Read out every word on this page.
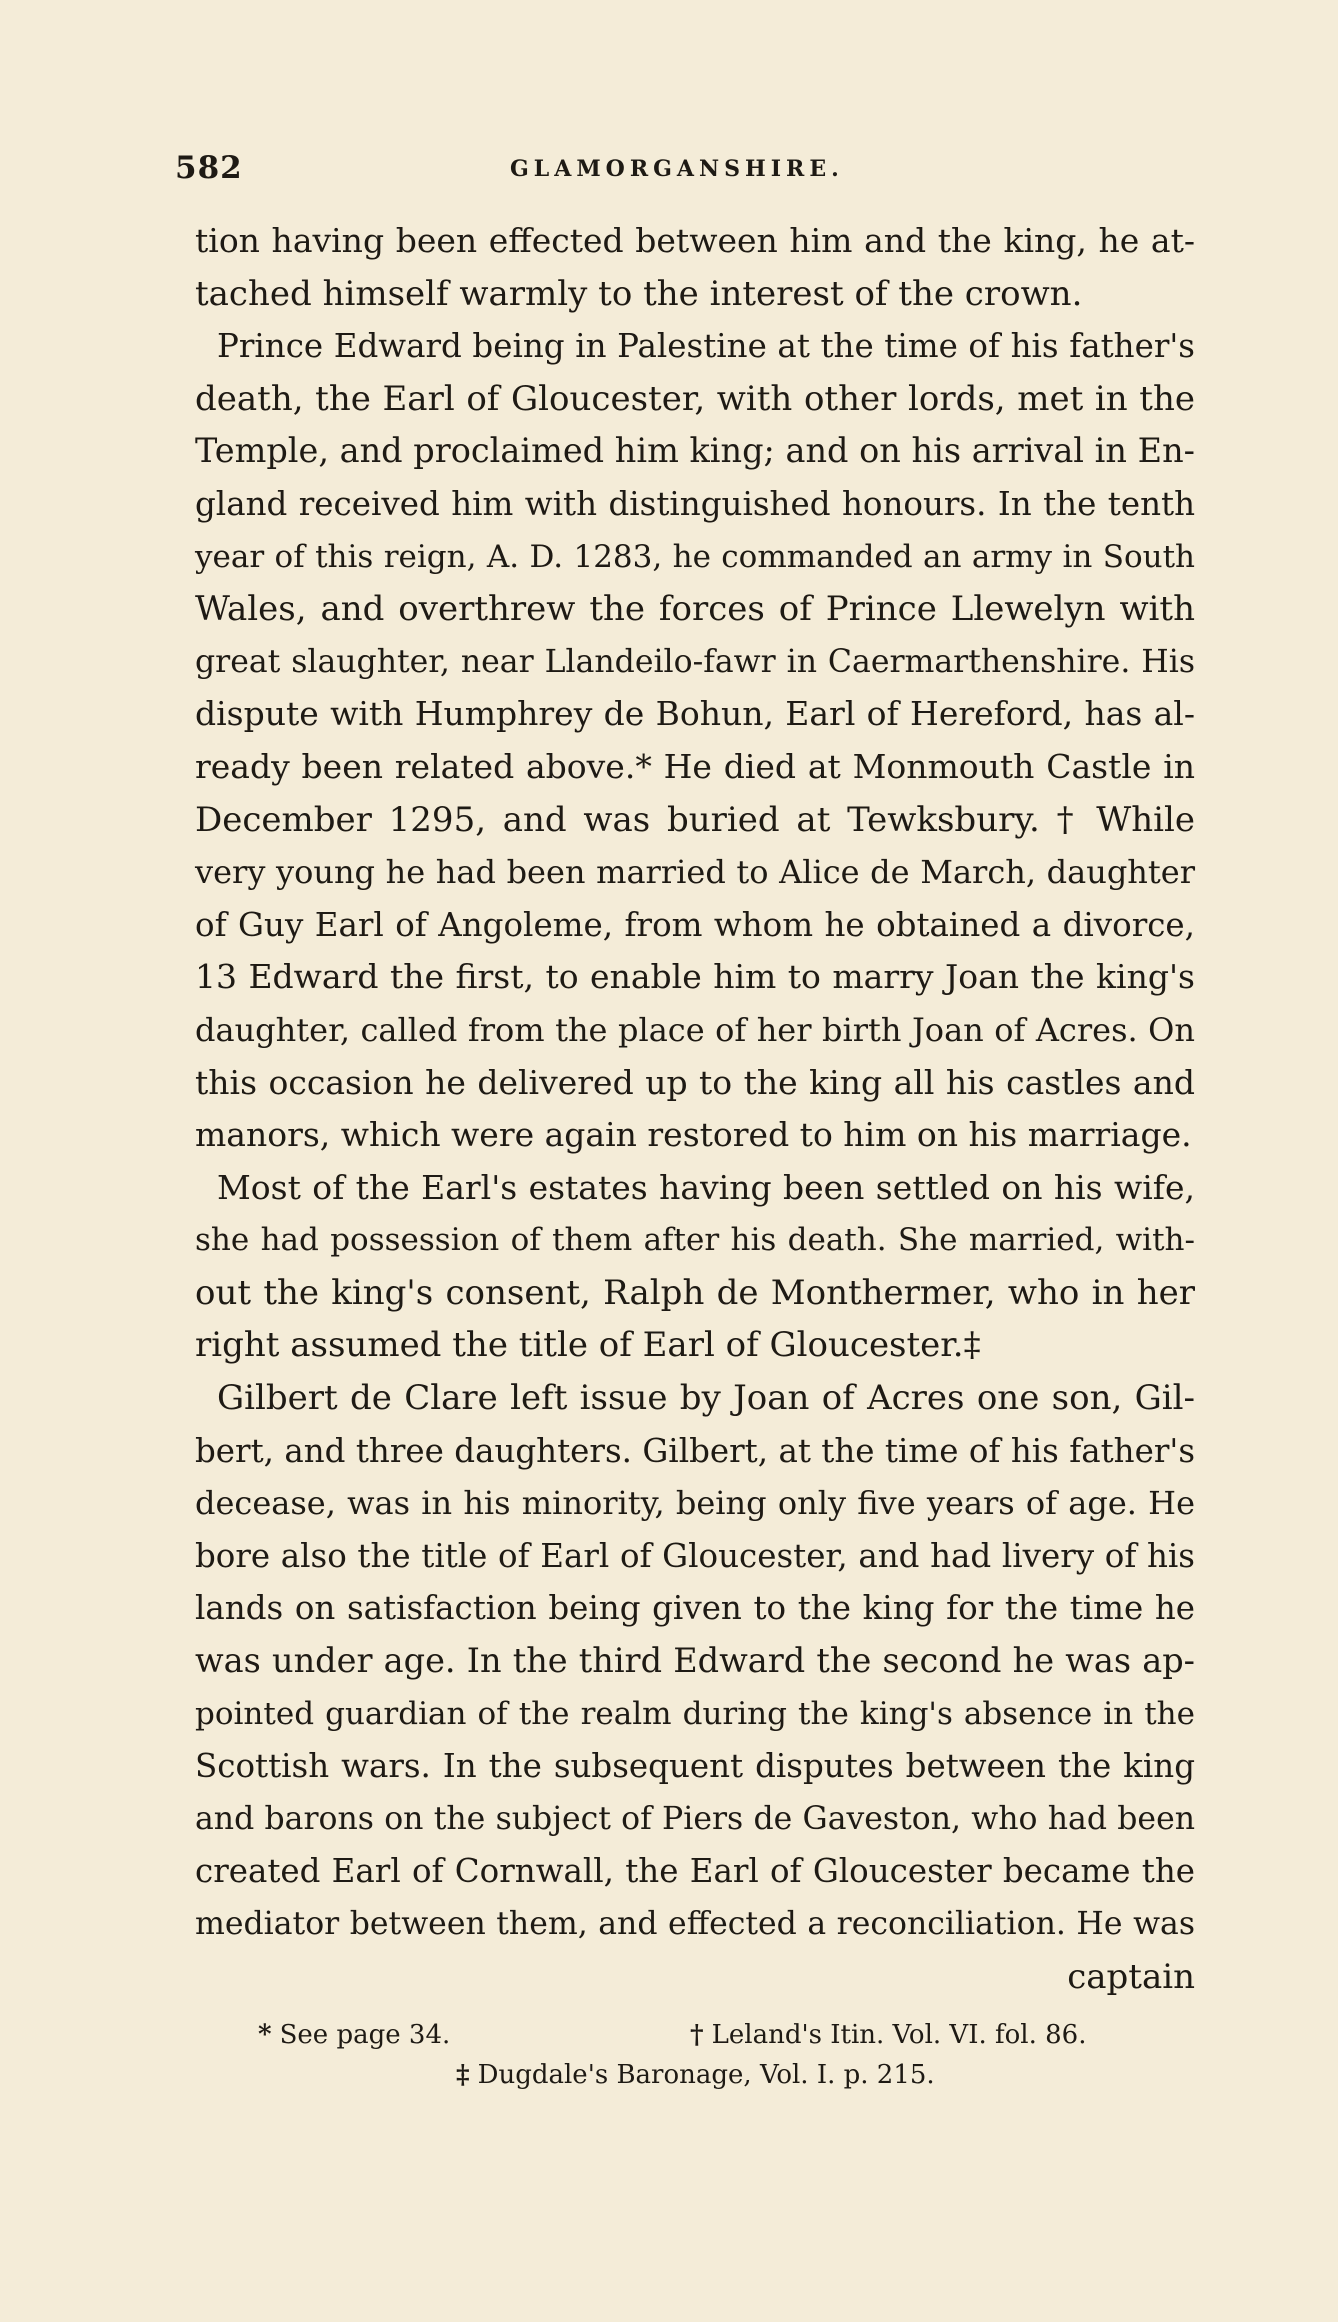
582	GLAMORGANSHIRE.
tion having been effected between him and the king, he at-
tached himself warmly to the interest of the crown.
Prince Edward being in Palestine at the time of his father's
death, the Earl of Gloucester, with other lords, met in the
Temple, and proclaimed him king; and on his arrival in En-
gland received him with distinguished honours. In the tenth
year of this reign, A. D. 1283, he commanded an army in South
Wales, and overthrew the forces of Prince Llewelyn with
great slaughter, near Llandeilo-fawr in Caermarthenshire. His
dispute with Humphrey de Bohun, Earl of Hereford, has al-
ready been related above.* He died at Monmouth Castle in
December 1295, and was buried at Tewksbury. † While
very young he had been married to Alice de March, daughter
of Guy Earl of Angoleme, from whom he obtained a divorce,
13 Edward the first, to enable him to marry Joan the king's
daughter, called from the place of her birth Joan of Acres. On
this occasion he delivered up to the king all his castles and
manors, which were again restored to him on his marriage.
Most of the Earl's estates having been settled on his wife,
she had possession of them after his death. She married, with-
out the king's consent, Ralph de Monthermer, who in her
right assumed the title of Earl of Gloucester.‡
Gilbert de Clare left issue by Joan of Acres one son, Gil-
bert, and three daughters. Gilbert, at the time of his father's
decease, was in his minority, being only five years of age. He
bore also the title of Earl of Gloucester, and had livery of his
lands on satisfaction being given to the king for the time he
was under age. In the third Edward the second he was ap-
pointed guardian of the realm during the king's absence in the
Scottish wars. In the subsequent disputes between the king
and barons on the subject of Piers de Gaveston, who had been
created Earl of Cornwall, the Earl of Gloucester became the
mediator between them, and effected a reconciliation. He was
captain
* See page 34.	† Leland's Itin. Vol. VI. fol. 86.
‡ Dugdale's Baronage, Vol. I. p. 215.
